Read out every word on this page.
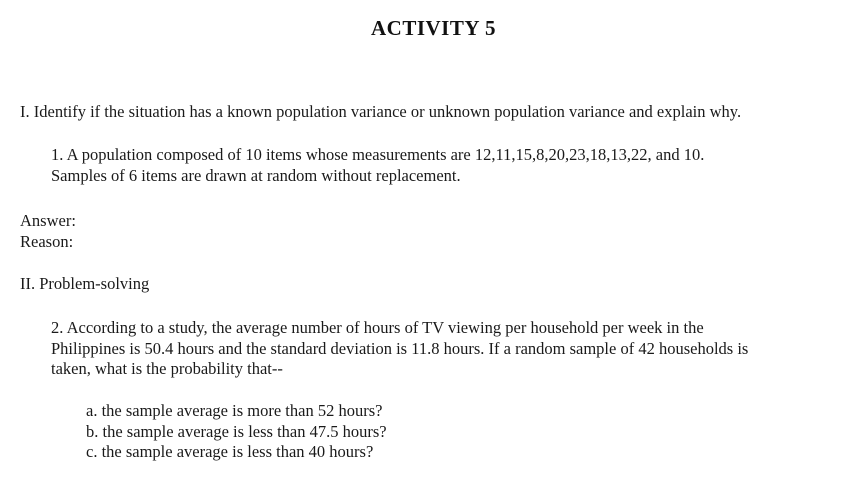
ACTIVITY 5
I. Identify if the situation has a known population variance or unknown population variance and explain why.
1. A population composed of 10 items whose measurements are 12,11,15,8,20,23,18,13,22, and 10.
Samples of 6 items are drawn at random without replacement.
Answer:
Reason:
II. Problem-solving
2. According to a study, the average number of hours of TV viewing per household per week in the
Philippines is 50.4 hours and the standard deviation is 11.8 hours. If a random sample of 42 households is
taken, what is the probability that--
a. the sample average is more than 52 hours?
b. the sample average is less than 47.5 hours?
c. the sample average is less than 40 hours?
